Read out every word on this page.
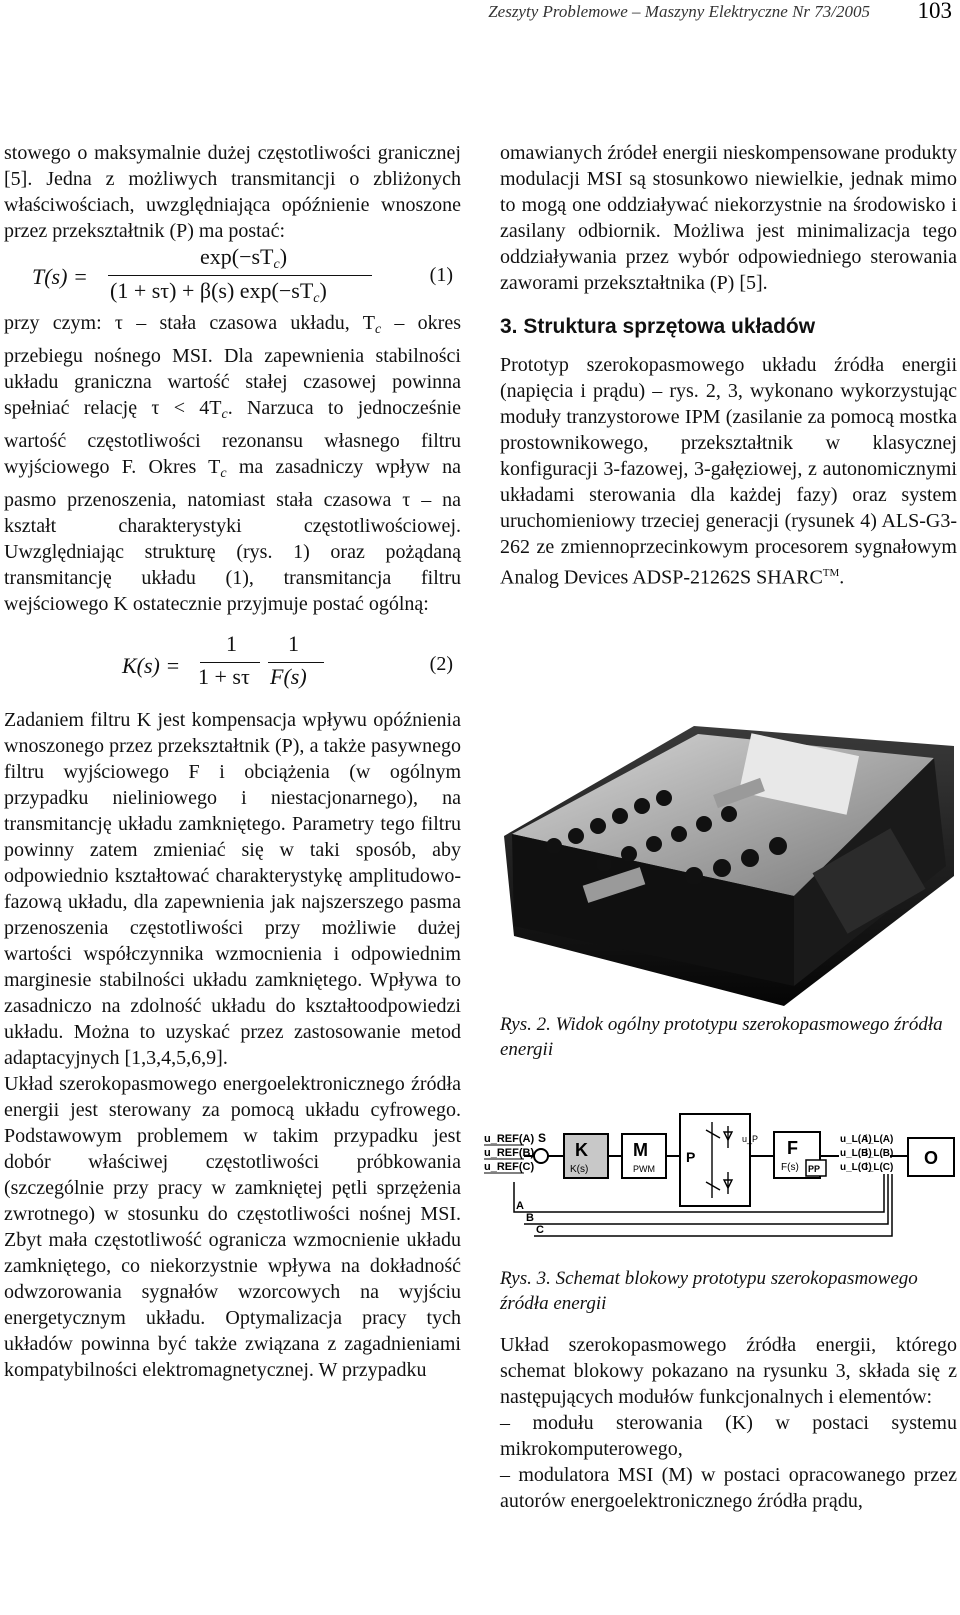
Zeszyty Problemowe – Maszyny Elektryczne Nr 73/2005 103

stowego o maksymalnie dużej częstotliwości granicznej [5]. Jedna z możliwych transmitancji o zbliżonych właściwościach, uwzględniająca opóźnienie wnoszone przez przekształtnik (P) ma postać:

T(s) =
$\exp(-sT_c)$
(1 + sτ) + β(s) $\exp(-sT_c)$
(1)

przy czym: τ – stała czasowa układu, $T_c$ – okres przebiegu nośnego MSI. Dla zapewnienia stabilności układu graniczna wartość stałej czasowej powinna spełniać relację $\tau < 4T_c$. Narzuca to jednocześnie wartość częstotliwości rezonansu własnego filtru wyjściowego F. Okres $T_c$ ma zasadniczy wpływ na pasmo przenoszenia, natomiast stała czasowa τ – na kształt charakterystyki częstotliwościowej. Uwzględniając strukturę (rys. 1) oraz pożądaną transmitancję układu (1), transmitancja filtru wejściowego K ostatecznie przyjmuje postać ogólną:

K(s) =
1
1 + sτ
1
F(s)	(2)

Zadaniem filtru K jest kompensacja wpływu opóźnienia wnoszonego przez przekształtnik (P), a także pasywnego filtru wyjściowego F i obciążenia (w ogólnym przypadku nieliniowego i niestacjonarnego), na transmitancję układu zamkniętego. Parametry tego filtru powinny zatem zmieniać się w taki sposób, aby odpowiednio kształtować charakterystykę amplitudowo-fazową układu, dla zapewnienia jak najszerszego pasma przenoszenia częstotliwości przy możliwie dużej wartości współczynnika wzmocnienia i odpowiednim marginesie stabilności układu zamkniętego. Wpływa to zasadniczo na zdolność układu do kształtoodpowiedzi układu. Można to uzyskać przez zastosowanie metod adaptacyjnych [1,3,4,5,6,9].

Układ szerokopasmowego energoelektronicznego źródła energii jest sterowany za pomocą układu cyfrowego. Podstawowym problemem w takim przypadku jest dobór właściwej częstotliwości próbkowania (szczególnie przy pracy w zamkniętej pętli sprzężenia zwrotnego) w stosunku do częstotliwości nośnej MSI. Zbyt mała częstotliwość ogranicza wzmocnienie układu zamkniętego, co niekorzystnie wpływa na dokładność odwzorowania sygnałów wzorcowych na wyjściu energetycznym układu. Optymalizacja pracy tych układów powinna być także związana z zagadnieniami kompatybilności elektromagnetycznej. W przypadku

omawianych źródeł energii nieskompensowane produkty modulacji MSI są stosunkowo niewielkie, jednak mimo to mogą one oddziaływać niekorzystnie na środowisko i zasilany odbiornik. Możliwa jest minimalizacja tego oddziaływania przez wybór odpowiedniego sterowania zaworami przekształtnika (P) [5].

3. Struktura sprzętowa układów

Prototyp szerokopasmowego układu źródła energii (napięcia i prądu) – rys. 2, 3, wykonano wykorzystując moduły tranzystorowe IPM (zasilanie za pomocą mostka prostownikowego, przekształtnik w klasycznej konfiguracji 3-fazowej, 3-gałęziowej, z autonomicznymi układami sterowania dla każdej fazy) oraz system uruchomieniowy trzeciej generacji (rysunek 4) ALS-G3-262 ze zmiennoprzecinkowym procesorem sygnałowym Analog Devices ADSP-21262S SHARC™.

Rys. 2. Widok ogólny prototypu szerokopasmowego źródła energii

u_REF(A)
u_REF(B)
u_REF(C)
S
K
K(s)
M
PWM
P
u_P F
F(s) PP
u_L(A)
u_L(B)
u_L(C)
i_L(A)
i_L(B)
i_L(C) O
A
B
C

Rys. 3. Schemat blokowy prototypu szerokopasmowego źródła energii

Układ szerokopasmowego źródła energii, którego schemat blokowy pokazano na rysunku 3, składa się z następujących modułów funkcjonalnych i elementów:

– modułu sterowania (K) w postaci systemu mikrokomputerowego,

– modulatora MSI (M) w postaci opracowanego przez autorów energoelektronicznego źródła prądu,
